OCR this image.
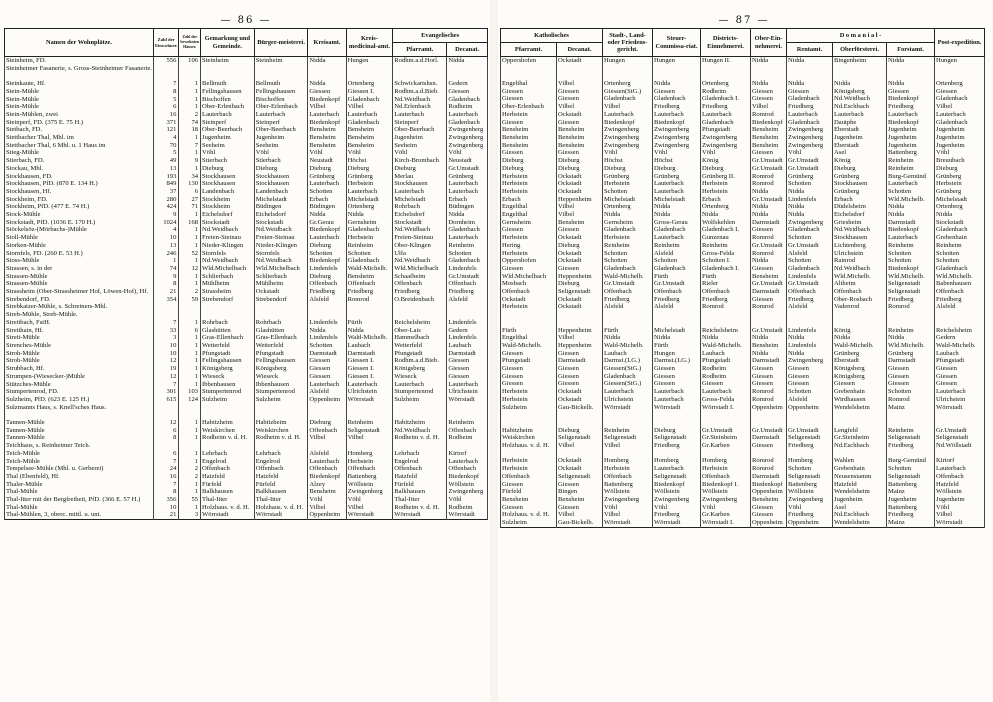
— 86 —
Namen der Wohnplätze.	Zahl der Einwohner.	Zahl der bewohnten Häuser.	Gemarkung und Gemeinde.	Bürger-meisterei.	Kreisamt.	Kreis-medicinal-amt.	Evangelisches	
							Pfarramt.	Decanat.
Steinheim, FD.	556	106	Steinheim	Steinheim	Nidda	Hungen	Rodhm.a.d.Horl.	Nidda
Steinheimer Fasanerie, s. Gross-Steinheimer Fasanerie.								

Steinkaute, Hf.	7	1	Bellmuth	Bellmuth	Nidda	Ortenberg	Schwickartshsn.	Gedern
Stein-Mühle	8	1	Fellingshausen	Fellingshausen	Giessen	Giessen I.	Rodhm.a.d.Bieb.	Giessen
Stein-Mühle	5	1	Bischoffen	Bischoffen	Biedenkopf	Gladenbach	Nd.Weidbach	Gladenbach
Stein-Mühle	6	1	Ober-Erlenbach	Ober-Erlenbach	Vilbel	Vilbel	Nd.Erlenbach	Rodheim
Stein-Mühlen, zwei	16	2	Lauterbach	Lauterbach	Lauterbach	Lauterbach	Lauterbach	Lauterbach
Steinperf, FD. (375 E. 75 H.)	371	74	Steinperf	Steinperf	Biedenkopf	Gladenbach	Steinperf	Gladenbach
Stetbach, FD.	121	18	Ober-Beerbach	Ober-Beerbach	Bensheim	Bensheim	Ober-Beerbach	Zwingenberg
Stettbacher Thal, Mhl. im	4	1	Jugenheim	Jugenheim	Bensheim	Bensheim	Jugenheim	Zwingenberg
Stettbacher Thal, 6 Mhl. u. 1 Haus im	70	7	Seeheim	Seeheim	Bensheim	Bensheim	Seeheim	Zwingenberg
Stieg-Mühle	5	1	Vöhl	Vöhl	Vöhl	Vöhl	Vöhl	Vöhl
Stierbach, FD.	49	9	Stierbach	Stierbach	Neustadt	Höchst	Kirch-Brombach	Neustadt
Stockau, Mhl.	13	1	Dieburg	Dieburg	Dieburg	Dieburg	Dieburg	Gr.Umstadt
Stockhausen, FD.	193	34	Stockhausen	Stockhausen	Grünberg	Grünberg	Merlau	Grünberg
Stockhausen, PfD. (870 E. 134 H.)	849	130	Stockhausen	Stockhausen	Lauterbach	Herbstein	Stockhausen	Lauterbach
Stockhausen, Hf.	37	6	Landenbach	Landenbach	Schotten	Lauterbach	Lauterbach	Lauterbach
Stockheim, FD.	280	27	Stockheim	Michelstadt	Erbach	Michelstadt	Michelstadt	Erbach
Stockheim, PfD. (477 E. 74 H.)	424	71	Stockheim	Büdingen	Büdingen	Ortenberg	Rohrbach	Büdingen
Stock-Mühle	9	1	Eichelsdorf	Eichelsdorf	Nidda	Nidda	Eichelsdorf	Nidda
Stockstadt, PfD. (1036 E. 170 H.)	1024	168	Stockstadt	Stockstadt	Gr.Gerau	Gernsheim	Stockstadt	Dornheim
Stöckelsöz-(Mörbachs-)Mühle	4	1	Nd.Weidbach	Nd.Weidbach	Biedenkopf	Gladenbach	Nd.Weidbach	Gladenbach
Stoll-Mühle	10	1	Freien-Steinau	Freien-Steinau	Lauterbach	Herbstein	Freien-Steinau	Lauterbach
Storken-Mühle	13	1	Nieder-Klingen	Nieder-Klingen	Dieburg	Reinheim	Ober-Klingen	Reinheim
Stornfels, FD. (260 E. 53 H.)	246	52	Stornfels	Stornfels	Schotten	Schotten	Ulfa	Schotten
Stoss-Mühle	1	1	Nd.Weidbach	Nd.Weidbach	Biedenkopf	Gladenbach	Nd.Weidbach	Gladenbach
Strassen, s. in der	74	12	Wld.Michelbach	Wld.Michelbach	Lindenfels	Wald-Michelb.	Wld.Michelbach	Lindenfels
Strassen-Mühle	9	1	Schlierbach	Schlierbach	Dieburg	Bensheim	Schaafheim	Gr.Umstadt
Strassen-Mühle	8	1	Mühlheim	Mühlheim	Offenbach	Offenbach	Offenbach	Offenbach
Strassheim (Ober-Strassheimer Hof, Löwen-Hof), Hf.	21	2	Strassheim	Ockstadt	Friedberg	Friedberg	Friedberg	Friedberg
Strebendorf, FD.	354	59	Strebendorf	Strebendorf	Alsfeld	Romrod	O.Breidenbach	Alsfeld
Strebkatzer-Mühle, s. Schreiners-Mhl.								
Streb-Mühle, Streb-Mühle.								
Streitbach, FstH.	7	1	Rohrbach	Rohrbach	Lindenfels	Fürth	Reichelsheim	Lindenfels
Streithain, Hf.	33	6	Glashütten	Glashütten	Nidda	Nidda	Ober-Lais	Gedern
Streit-Mühle	3	1	Gras-Ellenbach	Gras-Ellenbach	Lindenfels	Wald-Michelb.	Hammelbach	Lindenfels
Strenches-Mühle	10	1	Wetterfeld	Wetterfeld	Schotten	Laubach	Wetterfeld	Laubach
Stroh-Mühle	10	1	Pfungstadt	Pfungstadt	Darmstadt	Darmstadt	Pfungstadt	Darmstadt
Stroh-Mühle	12	1	Fellingshausen	Fellingshausen	Giessen	Giessen I.	Rodhm.a.d.Bieb.	Giessen
Strubbach, Hf.	19	1	Königsberg	Königsberg	Giessen	Giessen I.	Königsberg	Giessen
Strumpen-(Wiesecker-)Mühle	12	1	Wieseck	Wieseck	Giessen	Giessen I.	Wieseck	Giessen
Stützches-Mühle	7	1	Ibbenhausen	Ibbenhausen	Lauterbach	Lauterbach	Lauterbach	Lauterbach
Stumpertenrod, FD.	301	103	Stumpertenrod	Stumpertenrod	Alsfeld	Ulrichstein	Stumpertenrod	Ulrichstein
Sulzheim, PfD. (623 E. 125 H.)	615	124	Sulzheim	Sulzheim	Oppenheim	Wörrstadt	Sulzheim	Wörrstadt
Sulzmanns Haus, s. Knell'sches Haus.								

Tannen-Mühle	12	1	Habitzheim	Habitzheim	Dieburg	Reinheim	Habitzheim	Reinheim
Tannen-Mühle	6	1	Weiskirchen	Weiskirchen	Offenbach	Seligenstadt	Nd.Weidbach	Offenbach
Tannen-Mühle	8	1	Rodheim v. d. H.	Rodheim v. d. H.	Vilbel	Vilbel	Rodheim v. d. H.	Rodheim
Teichhaus, s. Reinheimer Teich.								
Teich-Mühle	6	1	Lehrbach	Lehrbach	Alsfeld	Homberg	Lehrbach	Kirtorf
Teich-Mühle	7	1	Engelrod	Engelrod	Lauterbach	Herbstein	Engelrod	Lauterbach
Tempelsee-Mühle (Mhl. u. Gerberei)	24	2	Offenbach	Offenbach	Offenbach	Offenbach	Offenbach	Offenbach
Thal (Ebenfeld), Hf.	16	2	Hatzfeld	Hatzfeld	Biedenkopf	Battenberg	Hatzfeld	Biedenkopf
Thaler-Mühle	7	1	Fürfeld	Fürfeld	Alzey	Wöllstein	Fürfeld	Wöllstein
Thal-Mühle	8	1	Balkhausen	Balkhausen	Bensheim	Zwingenberg	Balkhausen	Zwingenberg
Thal-Itter mit der Bergfreiheit, PfD. (366 E. 57 H.)	356	55	Thal-Itter	Thal-Itter	Vöhl	Vöhl	Thal-Itter	Vöhl
Thal-Mühle	10	1	Holzhaus. v. d. H.	Holzhaus. v. d. H.	Vilbel	Vilbel	Rodheim v. d. H.	Rodheim
Thal-Mühlen, 3, oberc. mittl. u. unt.	21	3	Wörrstadt	Wörrstadt	Oppenheim	Wörrstadt	Wörrstadt	Wörrstadt
— 87 —
Katholisches		Stadt-, Land- oder Friedens-gericht.	Steuer-Commissa-riat.	Districts-Einnehmerei.	Ober-Ein-nehmerei.	D o m a n i a l -			Post-expedition.
Pfarramt.	Decanat.					Rentamt.	Oberförsterei.	Forstamt.	
Oppershofen	Ockstadt	Hungen	Hungen	Hungen II.	Nidda	Nidda	Bingenheim	Nidda	Hungen

Engelthal	Vilbel	Ortenberg	Nidda	Ortenberg	Nidda	Nidda	Nidda	Nidda	Ortenberg
Giessen	Giessen	Giessen(StG.)	Giessen	Rodheim	Giessen	Giessen	Königsberg	Giessen	Giessen
Giessen	Giessen	Gladenbach	Gladenbach	Gladenbach I.	Giessen	Gladenbach	Nd.Weidbach	Biedenkopf	Gladenbach
Ober-Erlenbach	Vilbel	Vilbel	Friedberg	Friedberg	Vilbel	Friedberg	Nd.Eschbach	Friedberg	Vilbel
Herbstein	Ockstadt	Lauterbach	Lauterbach	Lauterbach	Romrod	Lauterbach	Lauterbach	Lauterbach	Lauterbach
Giessen	Giessen	Biedenkopf	Biedenkopf	Gladenbach	Biedenkopf	Gladenbach	Dautphe	Biedenkopf	Gladenbach
Bensheim	Bensheim	Zwingenberg	Zwingenberg	Pfungstadt	Bensheim	Zwingenberg	Eberstadt	Jugenheim	Jugenheim
Bensheim	Bensheim	Zwingenberg	Zwingenberg	Zwingenberg	Bensheim	Zwingenberg	Jugenheim	Jugenheim	Jugenheim
Bensheim	Bensheim	Zwingenberg	Zwingenberg	Zwingenberg	Bensheim	Zwingenberg	Eberstadt	Jugenheim	Jugenheim
Giessen	Giessen	Vöhl	Vöhl	Vöhl	Giessen	Vöhl	Asel	Battenberg	Vöhl
Dieburg	Dieburg	Höchst	Höchst	König	Gr.Umstadt	Gr.Umstadt	König	Reinheim	Breuubach
Dieburg	Dieburg	Dieburg	Dieburg	Dieburg	Gr.Umstadt	Gr.Umstadt	Dieburg	Reinheim	Dieburg
Herbstein	Ockstadt	Grünberg	Grünberg	Grünberg II.	Romrod	Grünberg	Grünberg	Burg-Gemünd	Grünberg
Herbstein	Ockstadt	Herbstein	Lauterbach	Herbstein	Romrod	Schotten	Stockhausen	Lauterbach	Herbstein
Herbstein	Ockstadt	Schotten	Lauterbach	Herbstein	Nidda	Nidda	Grünberg	Schotten	Grünberg
Erbach	Heppenheim	Michelstadt	Michelstadt	Erbach	Gr.Umstadt	Lindenfels	Erbach	Wld.Michelb.	Michelstadt
Engelthal	Vilbel	Ortenberg	Nidda	Ortenberg	Nidda	Nidda	Düdelsheim	Nidda	Ortenberg
Engelthal	Vilbel	Nidda	Nidda	Nidda	Nidda	Nidda	Eichelsdorf	Nidda	Nidda
Gernsheim	Bensheim	Gernsheim	Gross-Gerau	Wolfskehlen	Darmstadt	Zwingenberg	Griesheim	Darmstadt	Stockstadt
Giessen	Giessen	Gladenbach	Gladenbach	Gladenbach I.	Giessen	Gladenbach	Nd.Weidbach	Biedenkopf	Gladenbach
Herbstein	Ockstadt	Herbstein	Lauterbach	Gunzenau	Romrod	Schotten	Stockhausen	Lauterbach	Grebenhain
Hering	Dieburg	Reinheim	Reinheim	Reinheim	Gr.Umstadt	Gr.Umstadt	Lichtenberg	Reinheim	Reinheim
Herbstein	Ockstadt	Schotten	Alsfeld	Gross-Felda	Romrod	Alsfeld	Ulrichstein	Schotten	Schotten
Oppershofen	Ockstadt	Schotten	Schotten	Schotten I.	Nidda	Schotten	Rainrod	Schotten	Schotten
Giessen	Giessen	Gladenbach	Gladenbach	Gladenbach I.	Giessen	Gladenbach	Nd.Weidbach	Biedenkopf	Gladenbach
Wld.Michelbach	Heppenheim	Wald-Michelb.	Fürth	Fürth	Bensheim	Lindenfels	Wld.Michelb.	Wld.Michelb.	Wld.Michelb.
Mosbach	Dieburg	Gr.Umstadt	Gr.Umstadt	Rieler	Gr.Umstadt	Gr.Umstadt	Altheim	Seligenstadt	Babenhausen
Offenbach	Seligenstadt	Offenbach	Offenbach	Offenbach	Darmstadt	Offenbach	Offenbach	Seligenstadt	Offenbach
Ockstadt	Ockstadt	Friedberg	Friedberg	Friedberg	Giessen	Friedberg	Ober-Rosbach	Friedberg	Friedberg
Herbstein	Ockstadt	Alsfeld	Alsfeld	Romrod	Romrod	Alsfeld	Vadenrod	Romrod	Alsfeld

Fürth	Heppenheim	Fürth	Michelstadt	Reichelsheim	Gr.Umstadt	Lindenfels	König	Reinheim	Reichelsheim
Engelthal	Vilbel	Nidda	Nidda	Nidda	Nidda	Nidda	Nidda	Nidda	Gedern
Wald-Michelb.	Heppenheim	Wald-Michelb.	Fürth	Wald-Michelb.	Bensheim	Lindenfels	Wald-Michelb.	Wld.Michelb.	Wald-Michelb.
Giessen	Giessen	Laubach	Hungen	Laubach	Nidda	Nidda	Grünberg	Grünberg	Laubach
Pfungstadt	Darmstadt	Darmst.(LG.)	Darmst.(LG.)	Pfungstadt	Darmstadt	Zwingenberg	Eberstadt	Darmstadt	Pfungstadt
Giessen	Giessen	Giessen(StG.)	Giessen	Rodheim	Giessen	Giessen	Königsberg	Giessen	Giessen
Giessen	Giessen	Gladenbach	Giessen	Rodheim	Giessen	Giessen	Königsberg	Giessen	Giessen
Giessen	Giessen	Giessen(StG.)	Giessen	Giessen	Giessen	Giessen	Giessen	Giessen	Giessen
Herbstein	Ockstadt	Lauterbach	Lauterbach	Lauterbach	Romrod	Schotten	Grebenhain	Schotten	Lauterbach
Herbstein	Ockstadt	Ulrichstein	Lauterbach	Gross-Felda	Romrod	Alsfeld	Wirdhausen	Romrod	Ulrichstein
Sulzheim	Gau-Bickelh.	Wörrstadt	Wörrstadt	Wörrstadt I.	Oppenheim	Oppenheim	Wendelsheim	Mainz	Wörrstadt

Habitzheim	Dieburg	Reinheim	Dieburg	Gr.Umstadt	Gr.Umstadt	Gr.Umstadt	Lengfeld	Reinheim	Gr.Umstadt
Weiskirchen	Seligenstadt	Seligenstadt	Seligenstadt	Gr.Steinheim	Darmstadt	Seligenstadt	Gr.Steinheim	Seligenstadt	Seligenstadt
Holzhaus. v. d. H.	Vilbel	Vilbel	Friedberg	Gr.Karben	Giessen	Friedberg	Nd.Eschbach	Friedberg	Nd.Wöllstadt

Herbstein	Ockstadt	Homberg	Homberg	Homberg	Romrod	Homberg	Wahlen	Burg-Gemünd	Kirtorf
Herbstein	Ockstadt	Herbstein	Lauterbach	Herbstein	Romrod	Schotten	Grebenhain	Schotten	Lauterbach
Offenbach	Seligenstadt	Offenbach	Seligenstadt	Offenbach	Darmstadt	Seligenstadt	Neusenstamm	Seligenstadt	Offenbach
Giessen	Giessen	Battenberg	Biedenkopf	Biedenkopf I.	Biedenkopf	Battenberg	Hatzfeld	Battenberg	Hatzfeld
Fürfeld	Bingen	Wöllstein	Wöllstein	Wöllstein	Oppenheim	Wöllstein	Wendelsheim	Mainz	Wöllstein
Bensheim	Bensheim	Zwingenberg	Zwingenberg	Zwingenberg	Bensheim	Zwingenberg	Jugenheim	Jugenheim	Jugenheim
Giessen	Giessen	Vöhl	Vöhl	Vöhl	Giessen	Vöhl	Asel	Battenberg	Vöhl
Holzhaus. v. d. H.	Vilbel	Vilbel	Friedberg	Gr.Karben	Giessen	Friedberg	Nd.Eschbach	Friedberg	Vilbel
Sulzheim	Gau-Bickelh.	Wörrstadt	Wörrstadt	Wörrstadt I.	Oppenheim	Oppenheim	Wendelsheim	Mainz	Wörrstadt
